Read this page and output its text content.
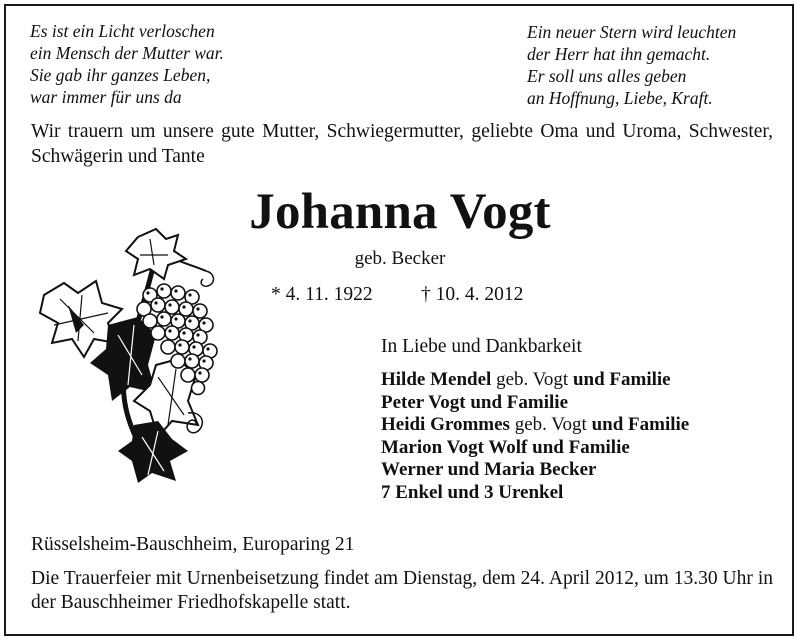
Es ist ein Licht verloschen
ein Mensch der Mutter war.
Sie gab ihr ganzes Leben,
war immer für uns da
Ein neuer Stern wird leuchten
der Herr hat ihn gemacht.
Er soll uns alles geben
an Hoffnung, Liebe, Kraft.
Wir trauern um unsere gute Mutter, Schwiegermutter, geliebte Oma und Uroma, Schwester, Schwägerin und Tante
Johanna Vogt
geb. Becker
* 4. 11. 1922 † 10. 4. 2012
In Liebe und Dankbarkeit
Hilde Mendel geb. Vogt und Familie
Peter Vogt und Familie
Heidi Grommes geb. Vogt und Familie
Marion Vogt Wolf und Familie
Werner und Maria Becker
7 Enkel und 3 Urenkel
Rüsselsheim-Bauschheim, Europaring 21
Die Trauerfeier mit Urnenbeisetzung findet am Dienstag, dem 24. April 2012, um 13.30 Uhr in der Bauschheimer Friedhofskapelle statt.
